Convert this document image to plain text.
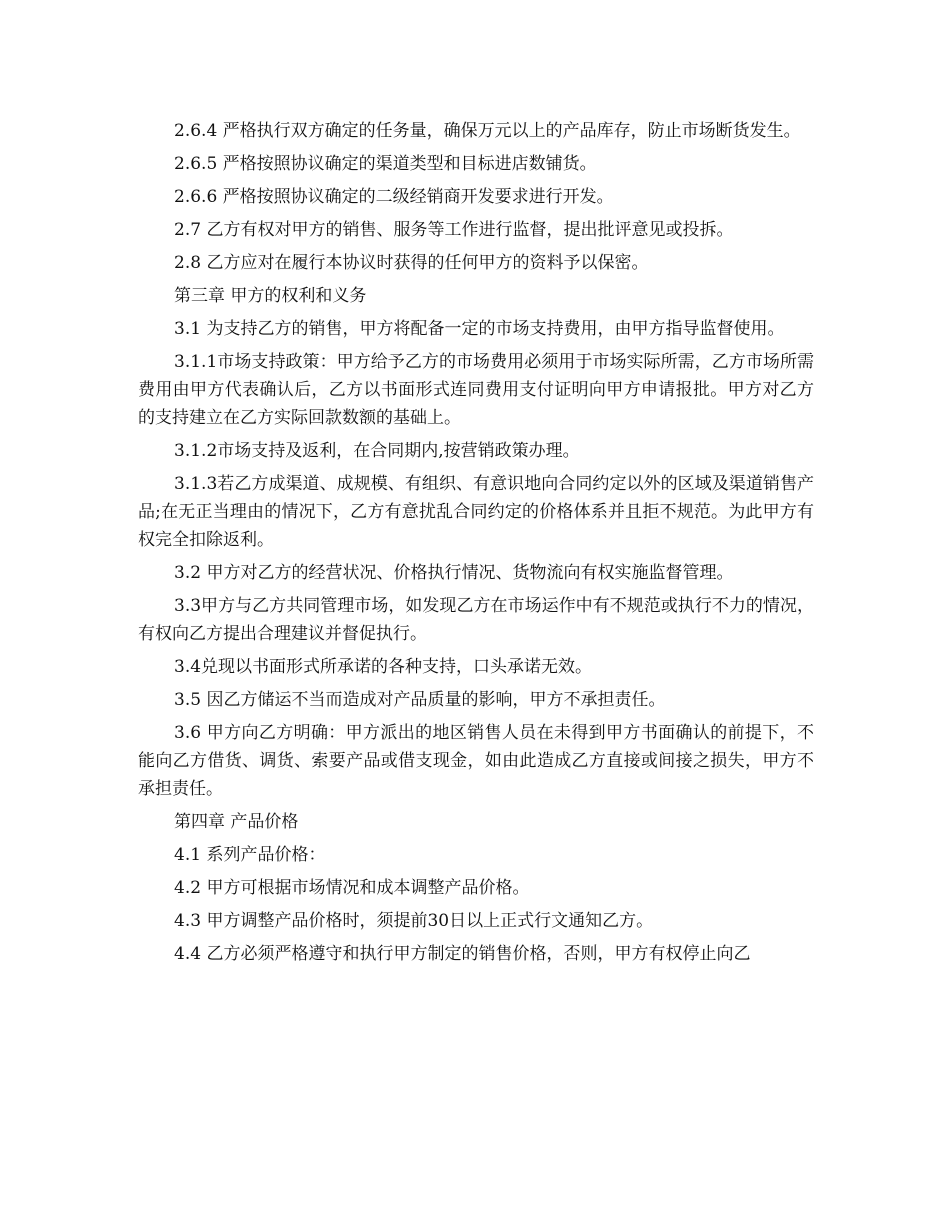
2.6.4 严格执行双方确定的任务量，确保万元以上的产品库存，防止市场断货发生。

2.6.5 严格按照协议确定的渠道类型和目标进店数铺货。

2.6.6 严格按照协议确定的二级经销商开发要求进行开发。

2.7 乙方有权对甲方的销售、服务等工作进行监督，提出批评意见或投拆。

2.8 乙方应对在履行本协议时获得的任何甲方的资料予以保密。

第三章 甲方的权利和义务

3.1 为支持乙方的销售，甲方将配备一定的市场支持费用，由甲方指导监督使用。

3.1.1市场支持政策：甲方给予乙方的市场费用必须用于市场实际所需，乙方市场所需费用由甲方代表确认后，乙方以书面形式连同费用支付证明向甲方申请报批。甲方对乙方的支持建立在乙方实际回款数额的基础上。

3.1.2市场支持及返利，在合同期内,按营销政策办理。

3.1.3若乙方成渠道、成规模、有组织、有意识地向合同约定以外的区域及渠道销售产品;在无正当理由的情况下，乙方有意扰乱合同约定的价格体系并且拒不规范。为此甲方有权完全扣除返利。

3.2 甲方对乙方的经营状况、价格执行情况、货物流向有权实施监督管理。

3.3甲方与乙方共同管理市场，如发现乙方在市场运作中有不规范或执行不力的情况，有权向乙方提出合理建议并督促执行。

3.4兑现以书面形式所承诺的各种支持，口头承诺无效。

3.5 因乙方储运不当而造成对产品质量的影响，甲方不承担责任。

3.6 甲方向乙方明确：甲方派出的地区销售人员在未得到甲方书面确认的前提下，不能向乙方借货、调货、索要产品或借支现金，如由此造成乙方直接或间接之损失，甲方不承担责任。

第四章 产品价格

4.1 系列产品价格：

4.2 甲方可根据市场情况和成本调整产品价格。

4.3 甲方调整产品价格时，须提前30日以上正式行文通知乙方。

4.4 乙方必须严格遵守和执行甲方制定的销售价格，否则，甲方有权停止向乙
